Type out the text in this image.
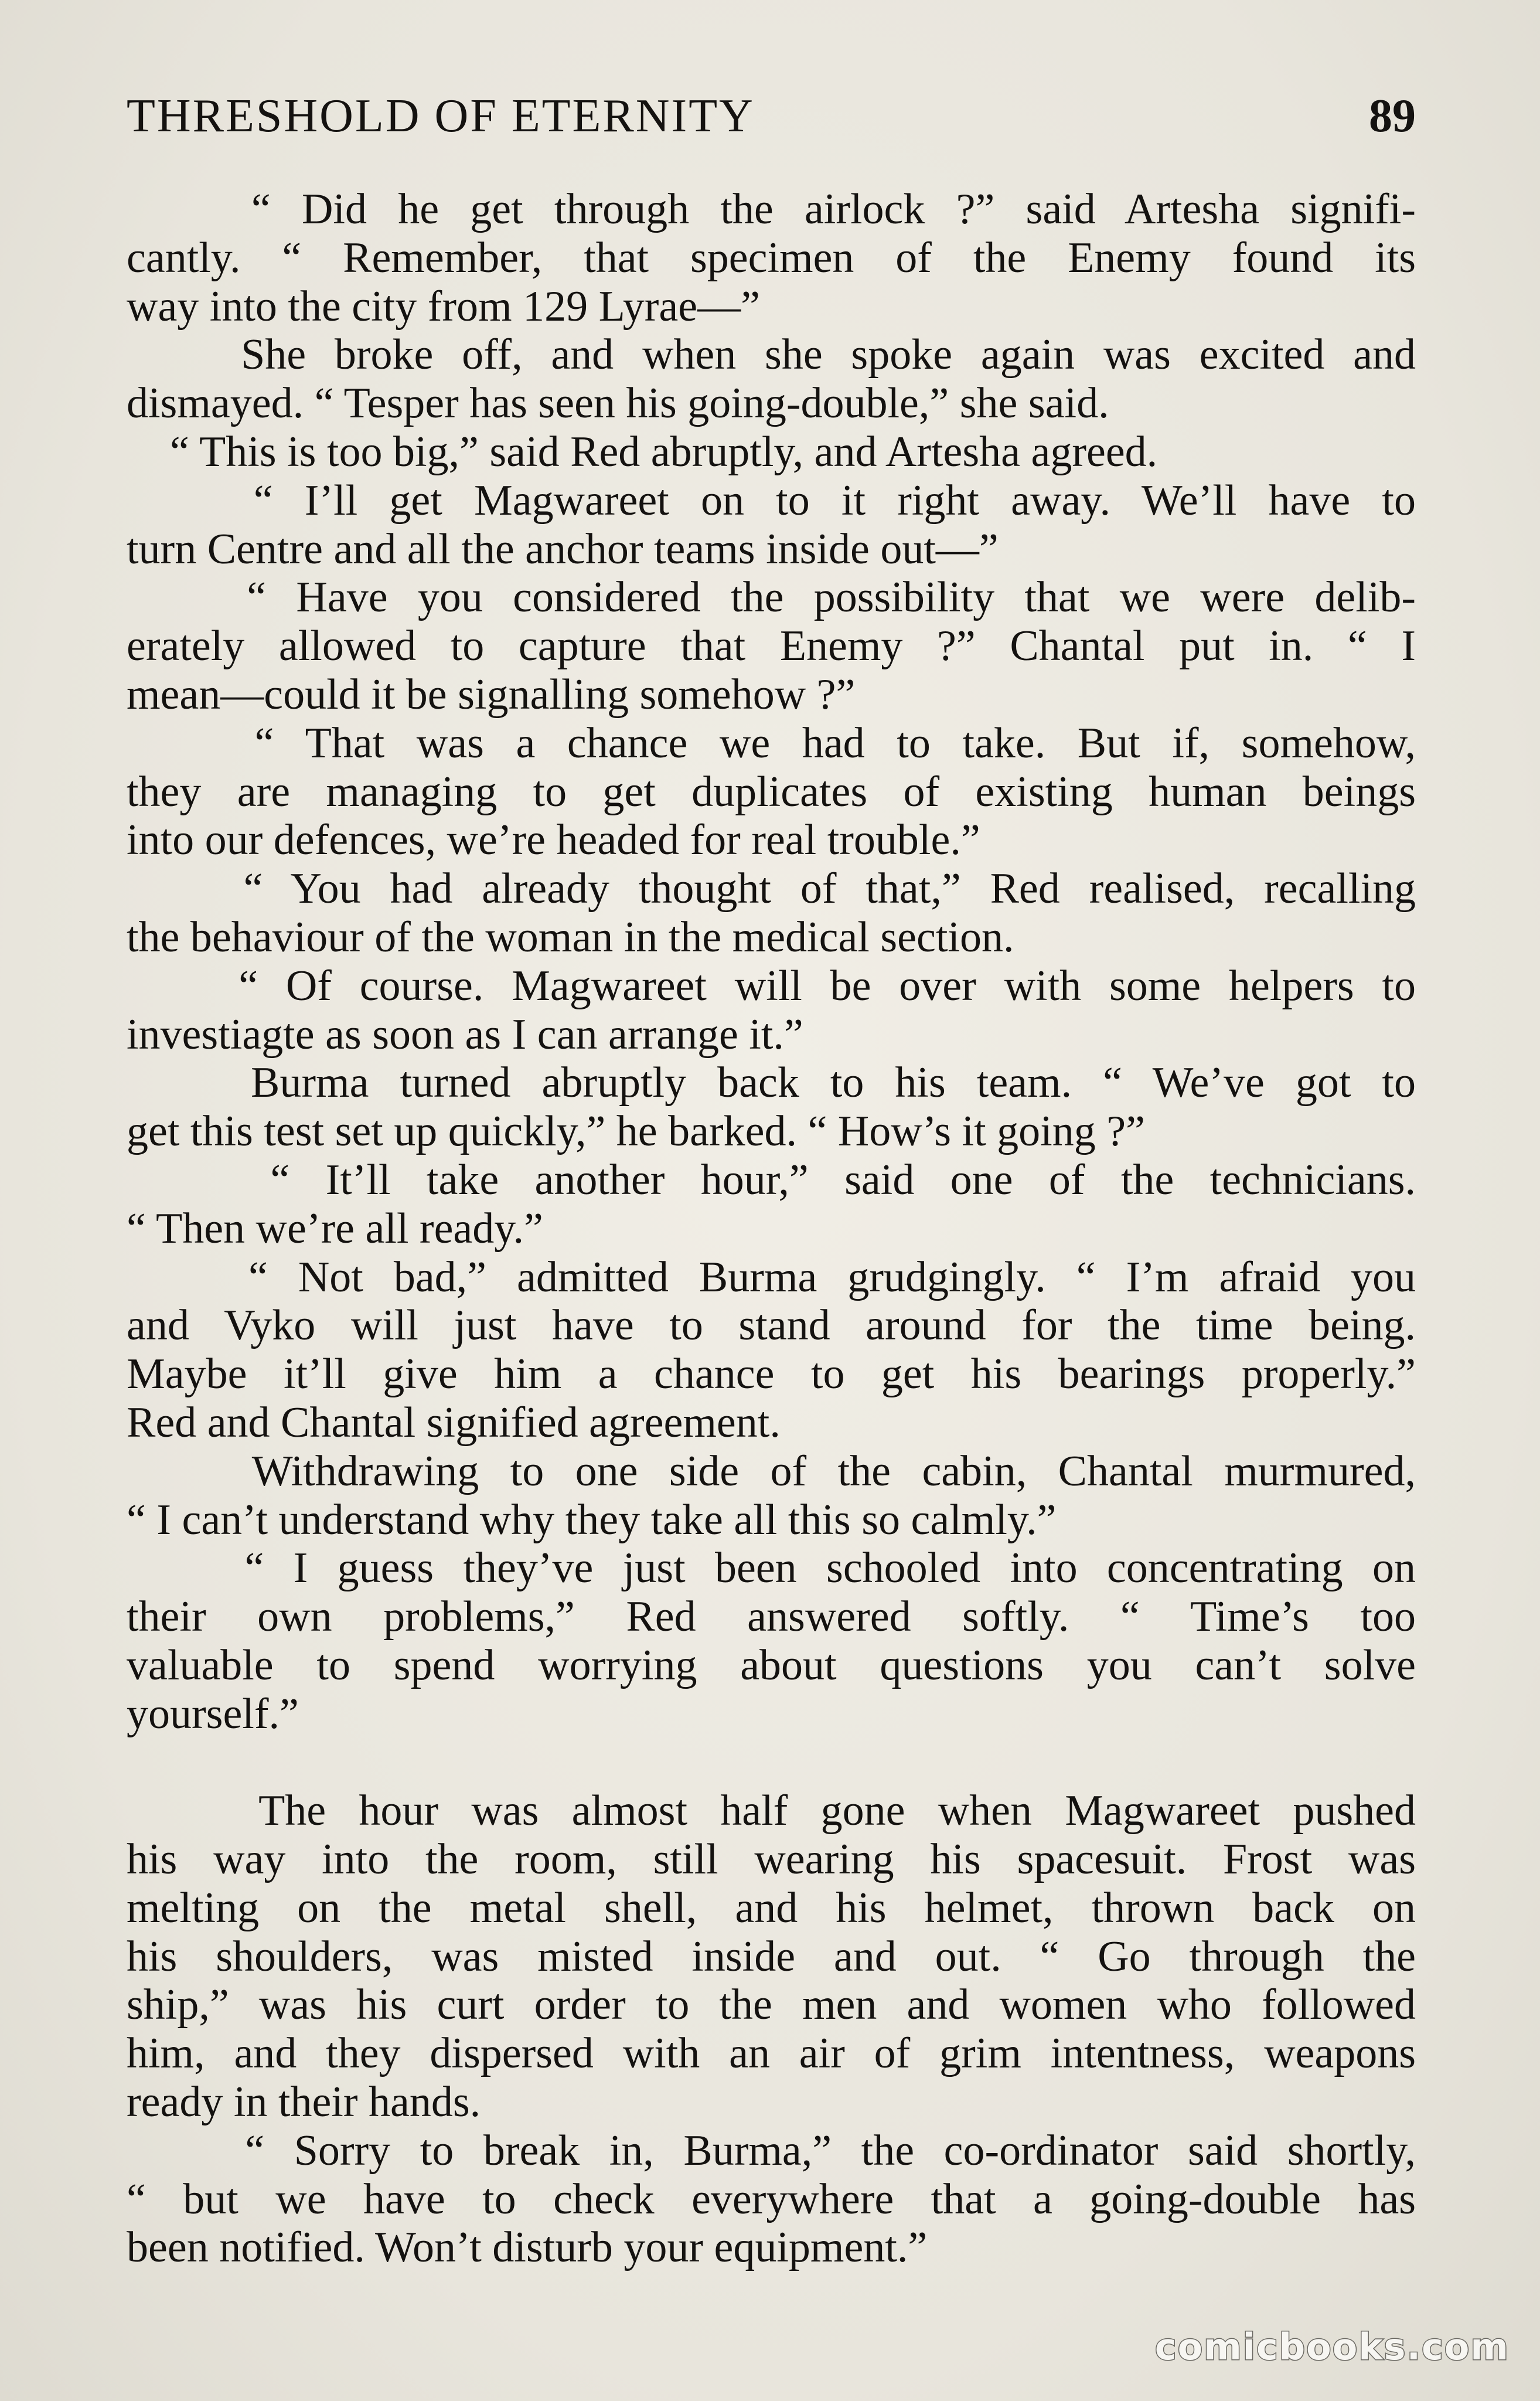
THRESHOLD OF ETERNITY	89
“ Did he get through the airlock ?” said Artesha signifi-
cantly. “ Remember, that specimen of the Enemy found its
way into the city from 129 Lyrae—”
She broke off, and when she spoke again was excited and
dismayed. “ Tesper has seen his going-double,” she said.
“ This is too big,” said Red abruptly, and Artesha agreed.
“ I’ll get Magwareet on to it right away. We’ll have to
turn Centre and all the anchor teams inside out—”
“ Have you considered the possibility that we were delib-
erately allowed to capture that Enemy ?” Chantal put in. “ I
mean—could it be signalling somehow ?”
“ That was a chance we had to take. But if, somehow,
they are managing to get duplicates of existing human beings
into our defences, we’re headed for real trouble.”
“ You had already thought of that,” Red realised, recalling
the behaviour of the woman in the medical section.
“ Of course. Magwareet will be over with some helpers to
investiagte as soon as I can arrange it.”
Burma turned abruptly back to his team. “ We’ve got to
get this test set up quickly,” he barked. “ How’s it going ?”
“ It’ll take another hour,” said one of the technicians.
“ Then we’re all ready.”
“ Not bad,” admitted Burma grudgingly. “ I’m afraid you
and Vyko will just have to stand around for the time being.
Maybe it’ll give him a chance to get his bearings properly.”
Red and Chantal signified agreement.
Withdrawing to one side of the cabin, Chantal murmured,
“ I can’t understand why they take all this so calmly.”
“ I guess they’ve just been schooled into concentrating on
their own problems,” Red answered softly. “ Time’s too
valuable to spend worrying about questions you can’t solve
yourself.”
The hour was almost half gone when Magwareet pushed
his way into the room, still wearing his spacesuit. Frost was
melting on the metal shell, and his helmet, thrown back on
his shoulders, was misted inside and out. “ Go through the
ship,” was his curt order to the men and women who followed
him, and they dispersed with an air of grim intentness, weapons
ready in their hands.
“ Sorry to break in, Burma,” the co-ordinator said shortly,
“ but we have to check everywhere that a going-double has
been notified. Won’t disturb your equipment.”
comicbooks.com
